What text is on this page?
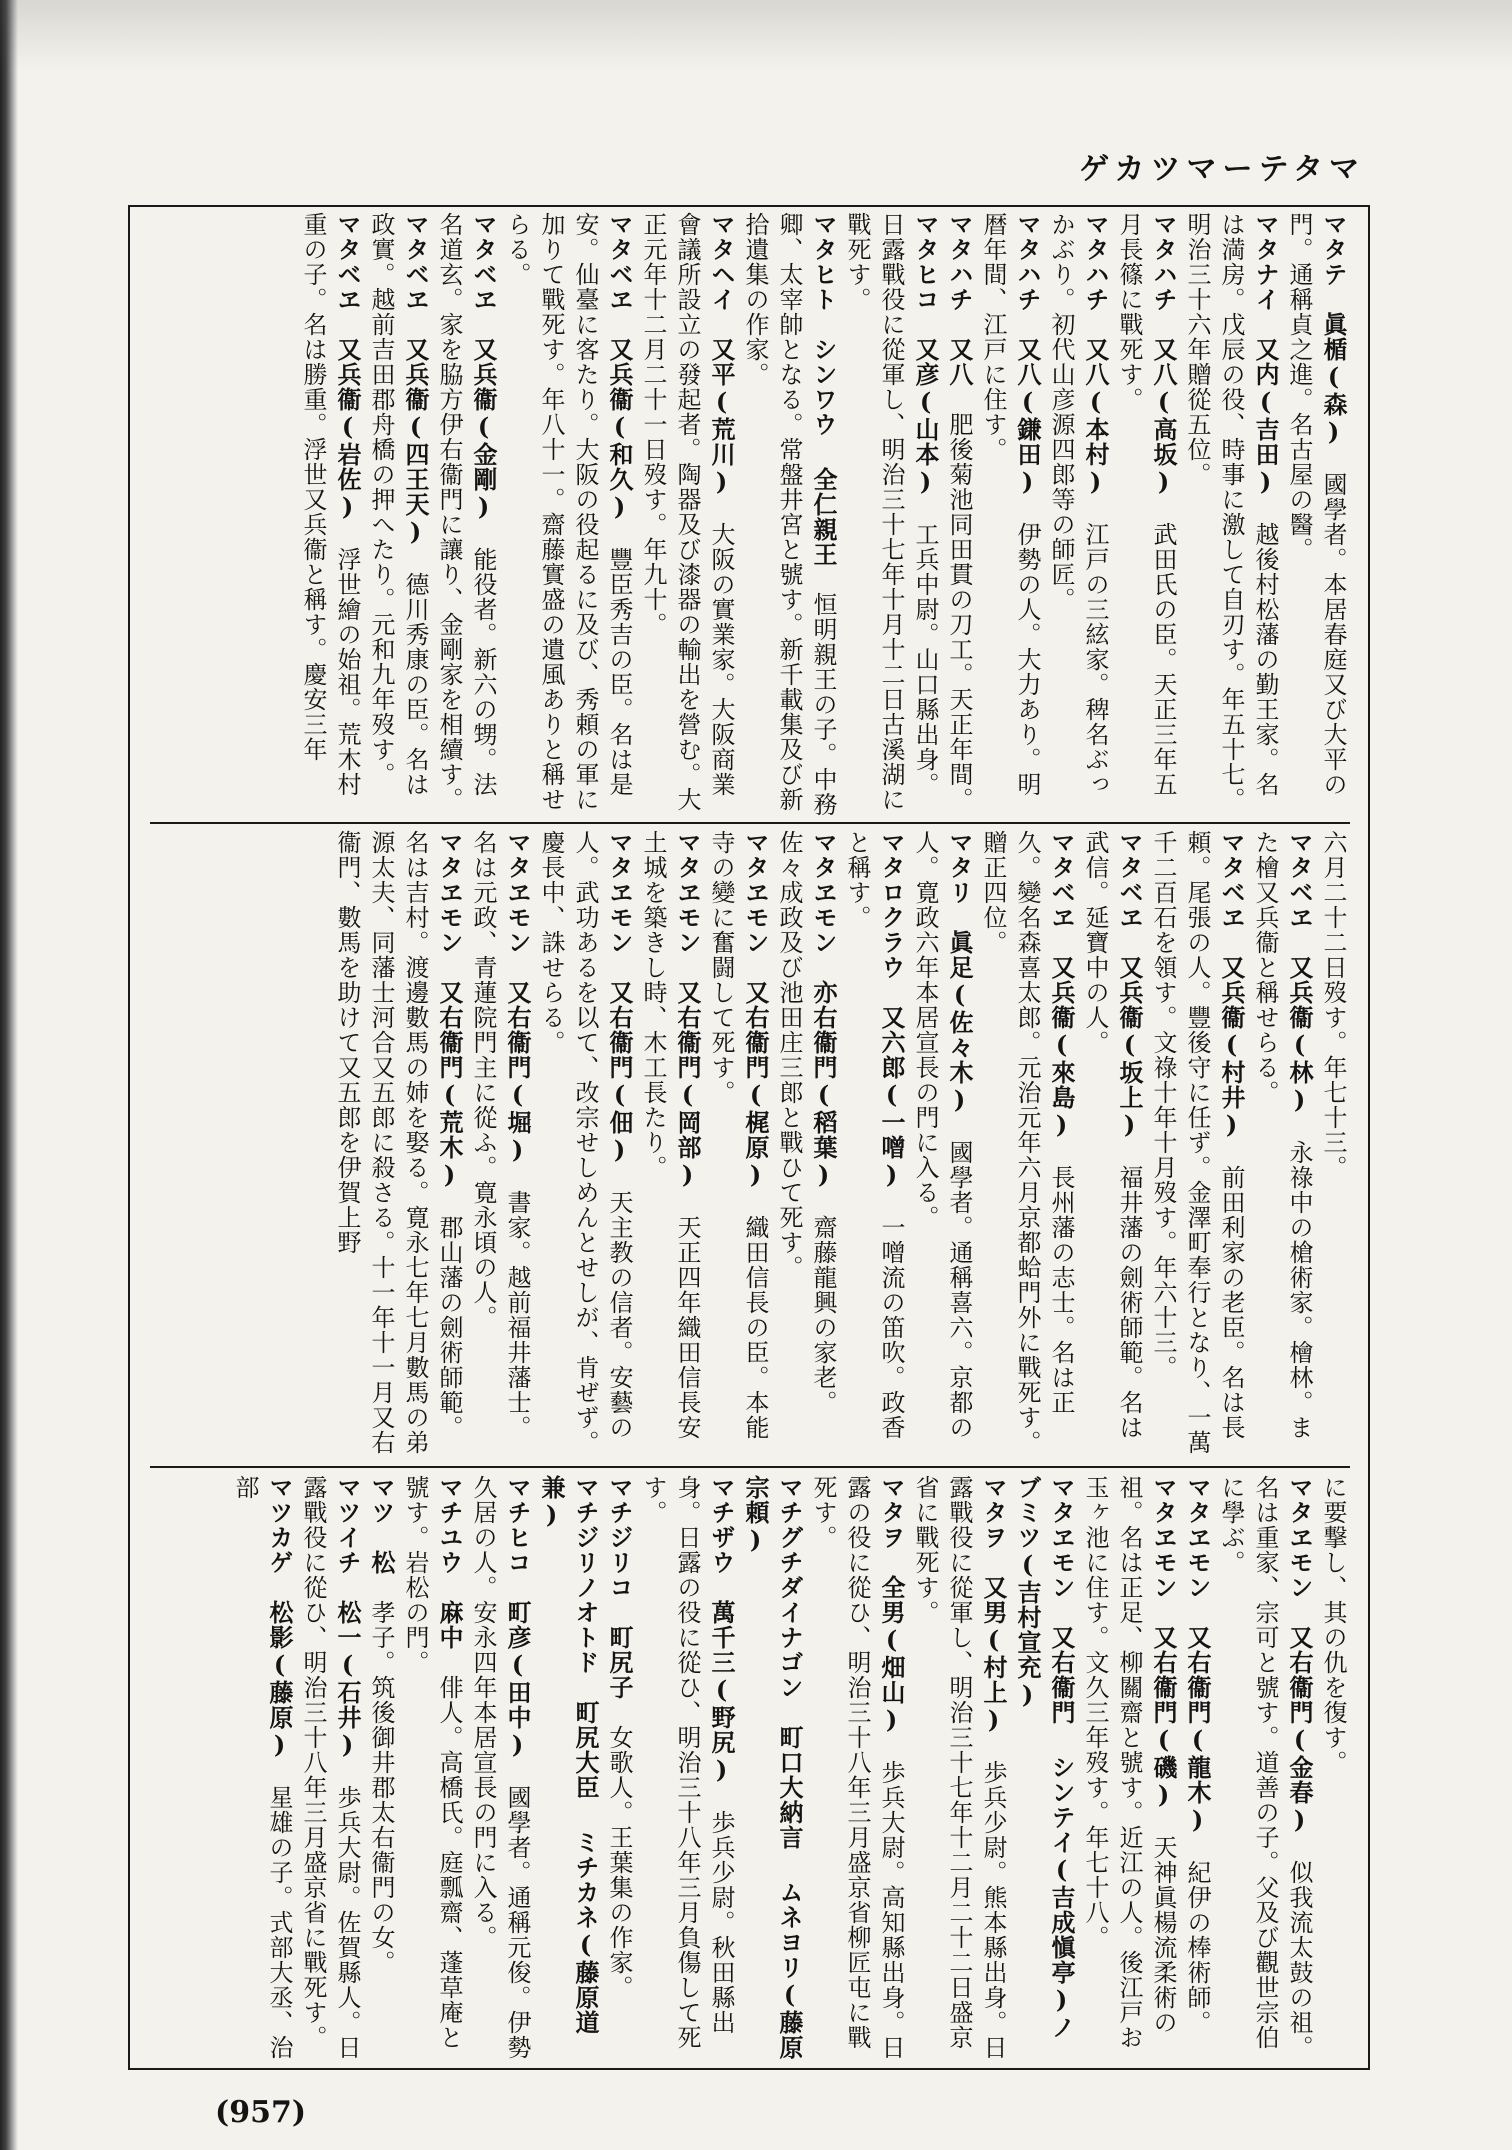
ゲカツマーテタマ

マタテ　眞楯(森)　國學者。本居春庭又び大平の門。通稱貞之進。名古屋の醫。

マタナイ　又内(吉田)　越後村松藩の勤王家。名は満房。戊辰の役、時事に激して自刃す。年五十七。明治三十六年贈從五位。

マタハチ　又八(高坂)　武田氏の臣。天正三年五月長篠に戰死す。

マタハチ　又八(本村)　江戸の三絃家。稗名ぶっかぶり。初代山彦源四郎等の師匠。

マタハチ　又八(鎌田)　伊勢の人。大力あり。明暦年間、江戸に住す。

マタハチ　又八　肥後菊池同田貫の刀工。天正年間。

マタヒコ　又彦(山本)　工兵中尉。山口縣出身。日露戰役に從軍し、明治三十七年十月十二日古溪湖に戰死す。

マタヒト　シンワウ 全仁親王　恒明親王の子。中務卿、太宰帥となる。常盤井宮と號す。新千載集及び新拾遺集の作家。

マタヘイ　又平(荒川)　大阪の實業家。大阪商業會議所設立の發起者。陶器及び漆器の輸出を營む。大正元年十二月二十一日歿す。年九十。

マタベヱ　又兵衞(和久)　豐臣秀吉の臣。名は是安。仙臺に客たり。大阪の役起るに及び、秀頼の軍に加りて戰死す。年八十一。齋藤實盛の遺風ありと稱せらる。

マタベヱ　又兵衞(金剛)　能役者。新六の甥。法名道玄。家を脇方伊右衞門に讓り、金剛家を相續す。

マタベヱ　又兵衞(四王天)　德川秀康の臣。名は政實。越前吉田郡舟橋の押へたり。元和九年歿す。

マタベヱ　又兵衞(岩佐)　浮世繪の始祖。荒木村重の子。名は勝重。浮世又兵衞と稱す。慶安三年

六月二十二日歿す。年七十三。

マタベヱ　又兵衞(林)　永祿中の槍術家。檜林。また檜又兵衞と稱せらる。

マタベヱ　又兵衞(村井)　前田利家の老臣。名は長頼。尾張の人。豐後守に任ず。金澤町奉行となり、一萬千二百石を領す。文祿十年十月歿す。年六十三。

マタベヱ　又兵衞(坂上)　福井藩の劍術師範。名は武信。延寶中の人。

マタベヱ　又兵衞(來島)　長州藩の志士。名は正久。變名森喜太郎。元治元年六月京都蛤門外に戰死す。贈正四位。

マタリ　眞足(佐々木)　國學者。通稱喜六。京都の人。寛政六年本居宣長の門に入る。

マタロクラウ　又六郎(一噌)　一噌流の笛吹。政香と稱す。

マタヱモン　亦右衞門(稻葉)　齋藤龍興の家老。佐々成政及び池田庄三郎と戰ひて死す。

マタヱモン　又右衞門(梶原)　織田信長の臣。本能寺の變に奮闘して死す。

マタヱモン　又右衞門(岡部)　天正四年織田信長安土城を築きし時、木工長たり。

マタヱモン　又右衞門(佃)　天主教の信者。安藝の人。武功あるを以て、改宗せしめんとせしが、肯ぜず。慶長中、誅せらる。

マタヱモン　又右衞門(堀)　書家。越前福井藩士。名は元政、青蓮院門主に從ふ。寛永頃の人。

マタヱモン　又右衞門(荒木)　郡山藩の劍術師範。名は吉村。渡邊數馬の姉を娶る。寛永七年七月數馬の弟源太夫、同藩士河合又五郎に殺さる。十一年十一月又右衞門、數馬を助けて又五郎を伊賀上野

に要撃し、其の仇を復す。

マタヱモン　又右衞門(金春)　似我流太鼓の祖。名は重家、宗可と號す。道善の子。父及び觀世宗伯に學ぶ。

マタヱモン　又右衞門(龍木)　紀伊の棒術師。

マタヱモン　又右衞門(磯)　天神眞楊流柔術の祖。名は正足、柳關齋と號す。近江の人。後江戸お玉ヶ池に住す。文久三年歿す。年七十八。

マタヱモン　又右衞門 シンテイ(吉成愼亭)ノブミツ(吉村宣充)　

マタヲ　又男(村上)　歩兵少尉。熊本縣出身。日露戰役に從軍し、明治三十七年十二月二十二日盛京省に戰死す。

マタヲ　全男(畑山)　歩兵大尉。高知縣出身。日露の役に從ひ、明治三十八年三月盛京省柳匠屯に戰死す。

マチグチダイナゴン　町口大納言 ムネヨリ(藤原宗頼)　

マチザウ　萬千三(野尻)　歩兵少尉。秋田縣出身。日露の役に從ひ、明治三十八年三月負傷して死す。

マチジリコ　町尻子　女歌人。王葉集の作家。

マチジリノオトド　町尻大臣 ミチカネ(藤原道兼)　

マチヒコ　町彦(田中)　國學者。通稱元俊。伊勢久居の人。安永四年本居宣長の門に入る。

マチユウ　麻中　俳人。高橋氏。庭瓢齋、蓬草庵と號す。岩松の門。

マツ　松　孝子。筑後御井郡太右衞門の女。

マツイチ　松一(石井)　歩兵大尉。佐賀縣人。日露戰役に從ひ、明治三十八年三月盛京省に戰死す。

マツカゲ　松影(藤原)　星雄の子。式部大丞、治部

(957)
